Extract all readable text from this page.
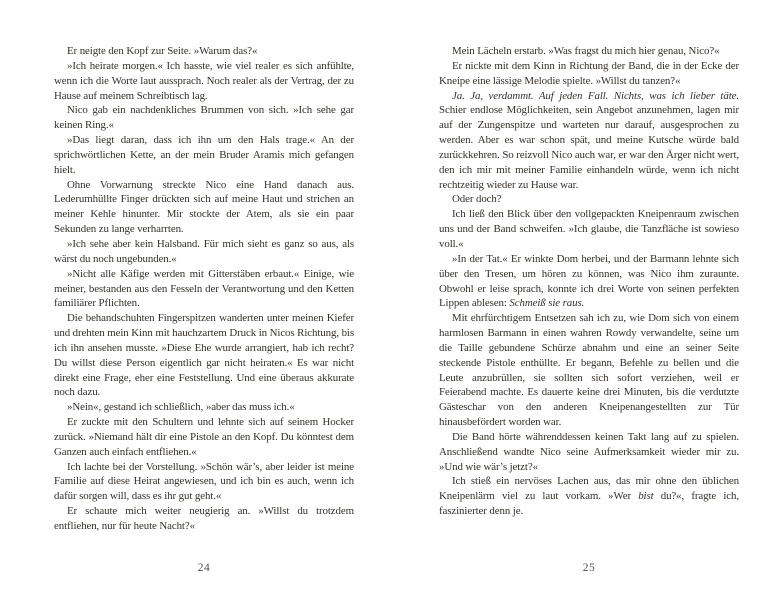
Er neigte den Kopf zur Seite. »Warum das?«

»Ich heirate morgen.« Ich hasste, wie viel realer es sich anfühlte, wenn ich die Worte laut aussprach. Noch realer als der Vertrag, der zu Hause auf meinem Schreibtisch lag.

Nico gab ein nachdenkliches Brummen von sich. »Ich sehe gar keinen Ring.«

»Das liegt daran, dass ich ihn um den Hals trage.« An der sprichwörtlichen Kette, an der mein Bruder Aramis mich gefangen hielt.

Ohne Vorwarnung streckte Nico eine Hand danach aus. Lederumhüllte Finger drückten sich auf meine Haut und strichen an meiner Kehle hinunter. Mir stockte der Atem, als sie ein paar Sekunden zu lange verharrten.

»Ich sehe aber kein Halsband. Für mich sieht es ganz so aus, als wärst du noch ungebunden.«

»Nicht alle Käfige werden mit Gitterstäben erbaut.« Einige, wie meiner, bestanden aus den Fesseln der Verantwortung und den Ketten familiärer Pflichten.

Die behandschuhten Fingerspitzen wanderten unter meinen Kiefer und drehten mein Kinn mit hauchzartem Druck in Nicos Richtung, bis ich ihn ansehen musste. »Diese Ehe wurde arrangiert, hab ich recht? Du willst diese Person eigentlich gar nicht heiraten.« Es war nicht direkt eine Frage, eher eine Feststellung. Und eine überaus akkurate noch dazu.

»Nein«, gestand ich schließlich, »aber das muss ich.«

Er zuckte mit den Schultern und lehnte sich auf seinem Hocker zurück. »Niemand hält dir eine Pistole an den Kopf. Du könntest dem Ganzen auch einfach entfliehen.«

Ich lachte bei der Vorstellung. »Schön wär’s, aber leider ist meine Familie auf diese Heirat angewiesen, und ich bin es auch, wenn ich dafür sorgen will, dass es ihr gut geht.«

Er schaute mich weiter neugierig an. »Willst du trotzdem entfliehen, nur für heute Nacht?«

Mein Lächeln erstarb. »Was fragst du mich hier genau, Nico?«

Er nickte mit dem Kinn in Richtung der Band, die in der Ecke der Kneipe eine lässige Melodie spielte. »Willst du tanzen?«

Ja. Ja, verdammt. Auf jeden Fall. Nichts, was ich lieber täte. Schier endlose Möglichkeiten, sein Angebot anzunehmen, lagen mir auf der Zungenspitze und warteten nur darauf, ausgesprochen zu werden. Aber es war schon spät, und meine Kutsche würde bald zurückkehren. So reizvoll Nico auch war, er war den Ärger nicht wert, den ich mir mit meiner Familie einhandeln würde, wenn ich nicht rechtzeitig wieder zu Hause war.

Oder doch?

Ich ließ den Blick über den vollgepackten Kneipenraum zwischen uns und der Band schweifen. »Ich glaube, die Tanzfläche ist sowieso voll.«

»In der Tat.« Er winkte Dom herbei, und der Barmann lehnte sich über den Tresen, um hören zu können, was Nico ihm zuraunte. Obwohl er leise sprach, konnte ich drei Worte von seinen perfekten Lippen ablesen: Schmeiß sie raus.

Mit ehrfürchtigem Entsetzen sah ich zu, wie Dom sich von einem harmlosen Barmann in einen wahren Rowdy verwandelte, seine um die Taille gebundene Schürze abnahm und eine an seiner Seite steckende Pistole enthüllte. Er begann, Befehle zu bellen und die Leute anzubrüllen, sie sollten sich sofort verziehen, weil er Feierabend machte. Es dauerte keine drei Minuten, bis die verdutzte Gästeschar von den anderen Kneipenangestellten zur Tür hinausbefördert worden war.

Die Band hörte währenddessen keinen Takt lang auf zu spielen. Anschließend wandte Nico seine Aufmerksamkeit wieder mir zu. »Und wie wär’s jetzt?«

Ich stieß ein nervöses Lachen aus, das mir ohne den üblichen Kneipenlärm viel zu laut vorkam. »Wer bist du?«, fragte ich, faszinierter denn je.

24	25
